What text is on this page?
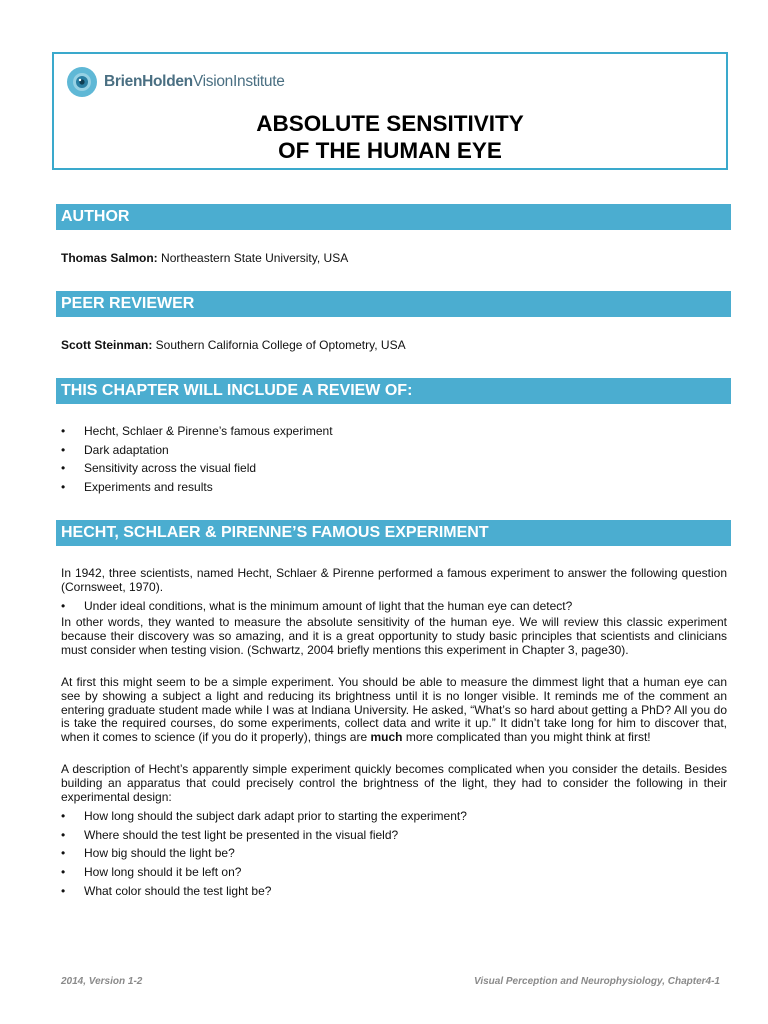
BrienHoldenVisionInstitute
ABSOLUTE SENSITIVITY
OF THE HUMAN EYE
AUTHOR
Thomas Salmon: Northeastern State University, USA
PEER REVIEWER
Scott Steinman: Southern California College of Optometry, USA
THIS CHAPTER WILL INCLUDE A REVIEW OF:
• Hecht, Schlaer & Pirenne’s famous experiment
• Dark adaptation
• Sensitivity across the visual field
• Experiments and results
HECHT, SCHLAER & PIRENNE’S FAMOUS EXPERIMENT

In 1942, three scientists, named Hecht, Schlaer & Pirenne performed a famous experiment to answer the following question (Cornsweet, 1970).

• Under ideal conditions, what is the minimum amount of light that the human eye can detect?

In other words, they wanted to measure the absolute sensitivity of the human eye. We will review this classic experiment because their discovery was so amazing, and it is a great opportunity to study basic principles that scientists and clinicians must consider when testing vision. (Schwartz, 2004 briefly mentions this experiment in Chapter 3, page30).

At first this might seem to be a simple experiment. You should be able to measure the dimmest light that a human eye can see by showing a subject a light and reducing its brightness until it is no longer visible. It reminds me of the comment an entering graduate student made while I was at Indiana University. He asked, “What’s so hard about getting a PhD? All you do is take the required courses, do some experiments, collect data and write it up.” It didn’t take long for him to discover that, when it comes to science (if you do it properly), things are much more complicated than you might think at first!

A description of Hecht’s apparently simple experiment quickly becomes complicated when you consider the details. Besides building an apparatus that could precisely control the brightness of the light, they had to consider the following in their experimental design:

• How long should the subject dark adapt prior to starting the experiment?
• Where should the test light be presented in the visual field?
• How big should the light be?
• How long should it be left on?
• What color should the test light be?
2014, Version 1-2	Visual Perception and Neurophysiology, Chapter4-1
